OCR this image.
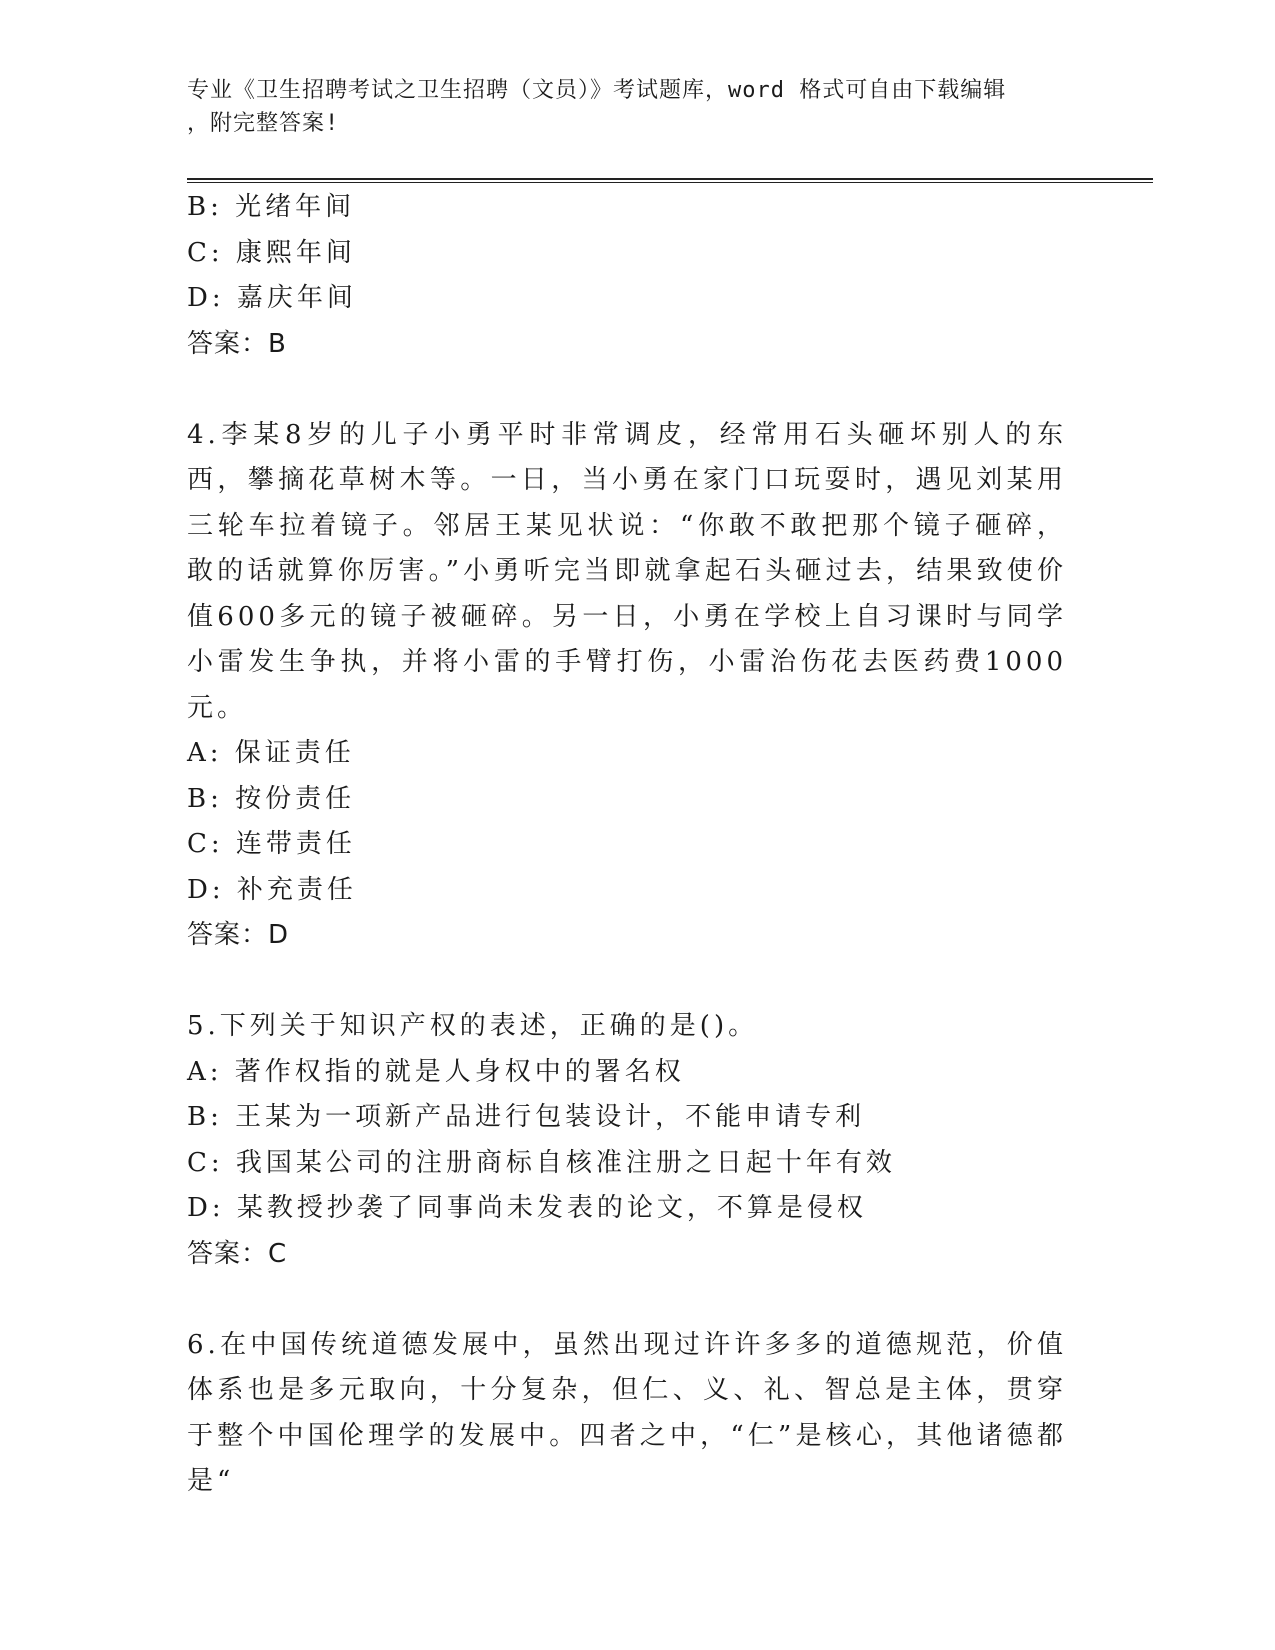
专业《卫生招聘考试之卫生招聘（文员）》考试题库，word 格式可自由下载编辑
，附完整答案!
B: 光绪年间
C: 康熙年间
D: 嘉庆年间
答案：B
4.李某8岁的儿子小勇平时非常调皮，经常用石头砸坏别人的东西，攀摘花草树木等。一日，当小勇在家门口玩耍时，遇见刘某用三轮车拉着镜子。邻居王某见状说：“你敢不敢把那个镜子砸碎，敢的话就算你厉害。”小勇听完当即就拿起石头砸过去，结果致使价值600多元的镜子被砸碎。另一日，小勇在学校上自习课时与同学小雷发生争执，并将小雷的手臂打伤，小雷治伤花去医药费1000元。
A: 保证责任
B: 按份责任
C: 连带责任
D: 补充责任
答案：D
5.下列关于知识产权的表述，正确的是()。
A: 著作权指的就是人身权中的署名权
B: 王某为一项新产品进行包装设计，不能申请专利
C: 我国某公司的注册商标自核准注册之日起十年有效
D: 某教授抄袭了同事尚未发表的论文，不算是侵权
答案：C
6.在中国传统道德发展中，虽然出现过许许多多的道德规范，价值体系也是多元取向，十分复杂，但仁、义、礼、智总是主体，贯穿于整个中国伦理学的发展中。四者之中，“仁”是核心，其他诸德都是“
